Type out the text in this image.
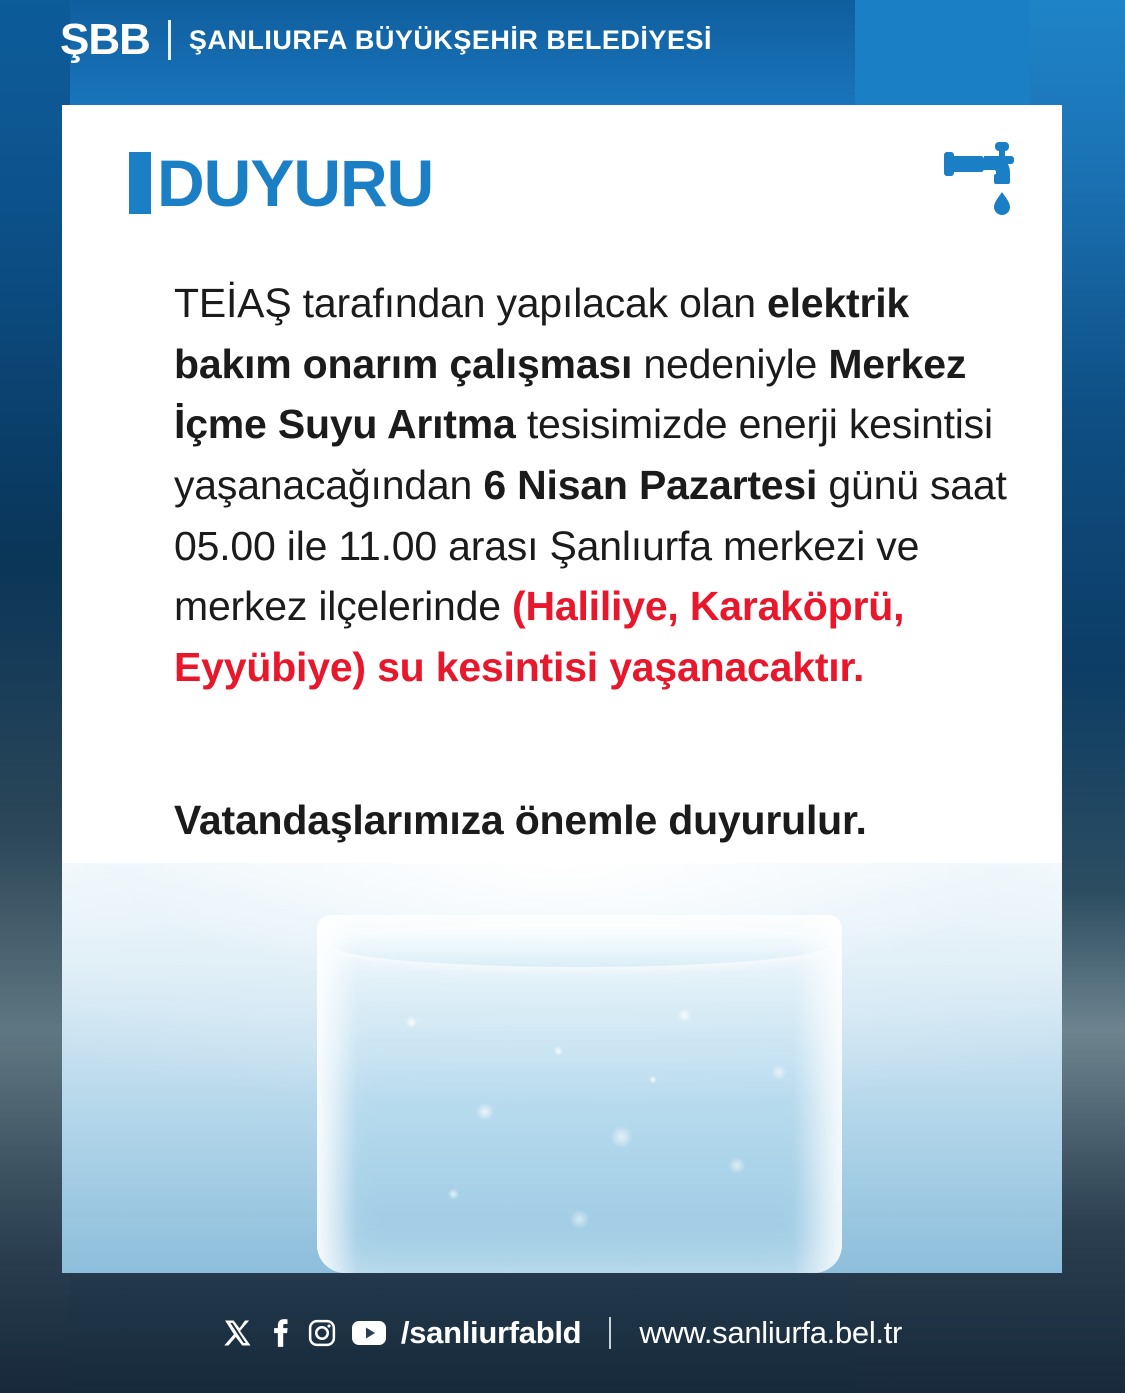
ŞBB ŞANLIURFA BÜYÜKŞEHİR BELEDİYESİ
DUYURU
TEİAŞ tarafından yapılacak olan elektrik bakım onarım çalışması nedeniyle Merkez İçme Suyu Arıtma tesisimizde enerji kesintisi yaşanacağından 6 Nisan Pazartesi günü saat 05.00 ile 11.00 arası Şanlıurfa merkezi ve merkez ilçelerinde (Haliliye, Karaköprü, Eyyübiye) su kesintisi yaşanacaktır.
Vatandaşlarımıza önemle duyurulur.
/sanliurfabld www.sanliurfa.bel.tr
